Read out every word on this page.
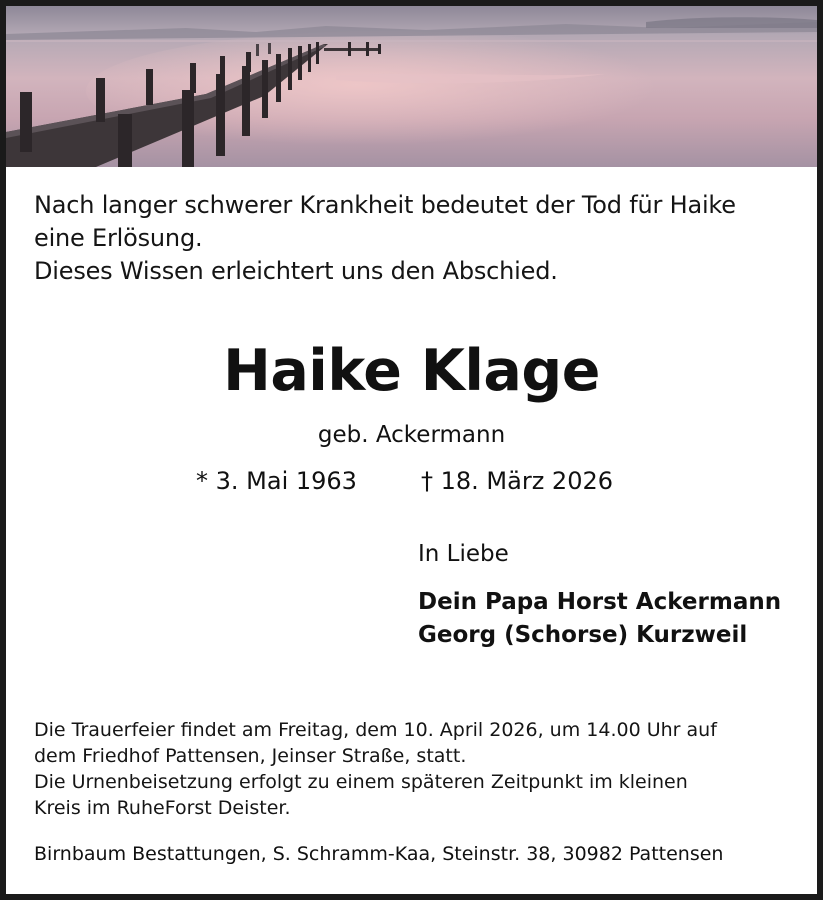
Nach langer schwerer Krankheit bedeutet der Tod für Haike
eine Erlösung.
Dieses Wissen erleichtert uns den Abschied.
Haike Klage
geb. Ackermann
* 3. Mai 1963	† 18. März 2026
In Liebe
Dein Papa Horst Ackermann
Georg (Schorse) Kurzweil
Die Trauerfeier findet am Freitag, dem 10. April 2026, um 14.00 Uhr auf
dem Friedhof Pattensen, Jeinser Straße, statt.
Die Urnenbeisetzung erfolgt zu einem späteren Zeitpunkt im kleinen
Kreis im RuheForst Deister.
Birnbaum Bestattungen, S. Schramm-Kaa, Steinstr. 38, 30982 Pattensen
